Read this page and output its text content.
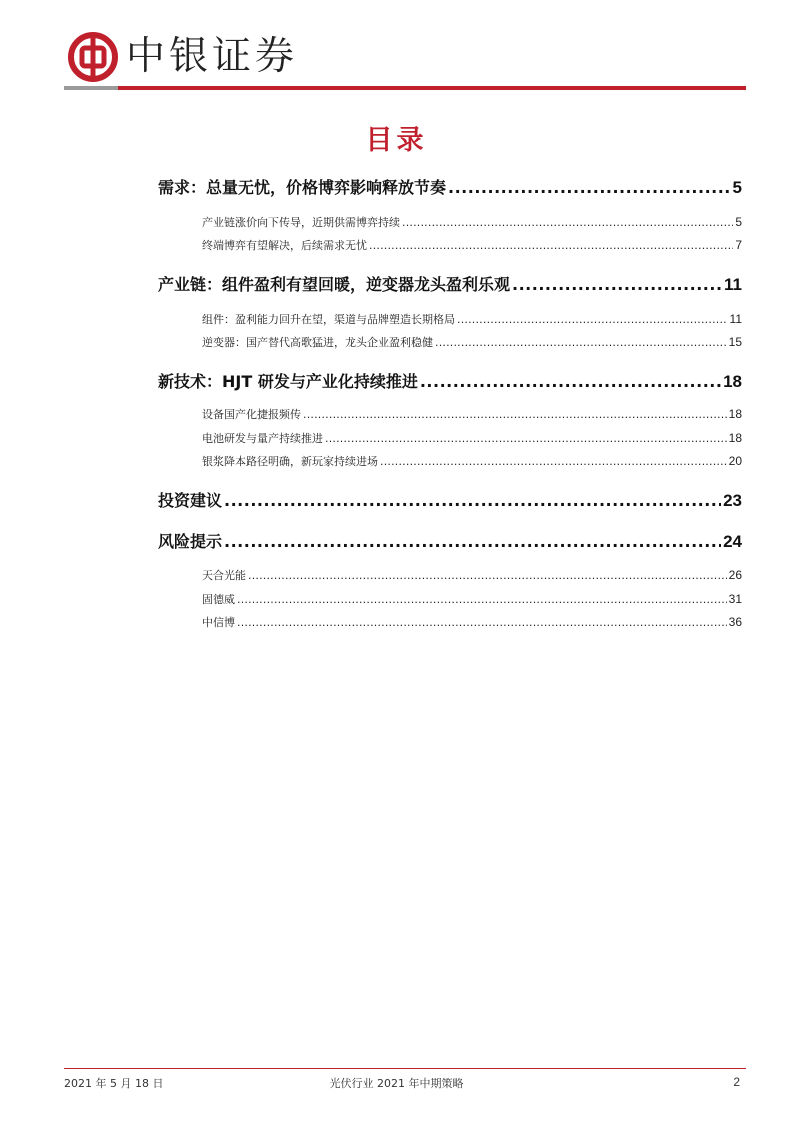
中银证券
目录
需求：总量无忧，价格博弈影响释放节奏 .....	5
产业链涨价向下传导，近期供需博弈持续 .....	5
终端博弈有望解决，后续需求无忧 .....	7
产业链：组件盈利有望回暖，逆变器龙头盈利乐观 .....	11
组件：盈利能力回升在望，渠道与品牌塑造长期格局 .....	11
逆变器：国产替代高歌猛进，龙头企业盈利稳健 .....	15
新技术：HJT 研发与产业化持续推进 .....	18
设备国产化捷报频传 .....	18
电池研发与量产持续推进 .....	18
银浆降本路径明确，新玩家持续进场 .....	20
投资建议 .....	23
风险提示 .....	24
天合光能 .....	26
固德威 .....	31
中信博 .....	36
2021 年 5 月 18 日	光伏行业 2021 年中期策略	2
